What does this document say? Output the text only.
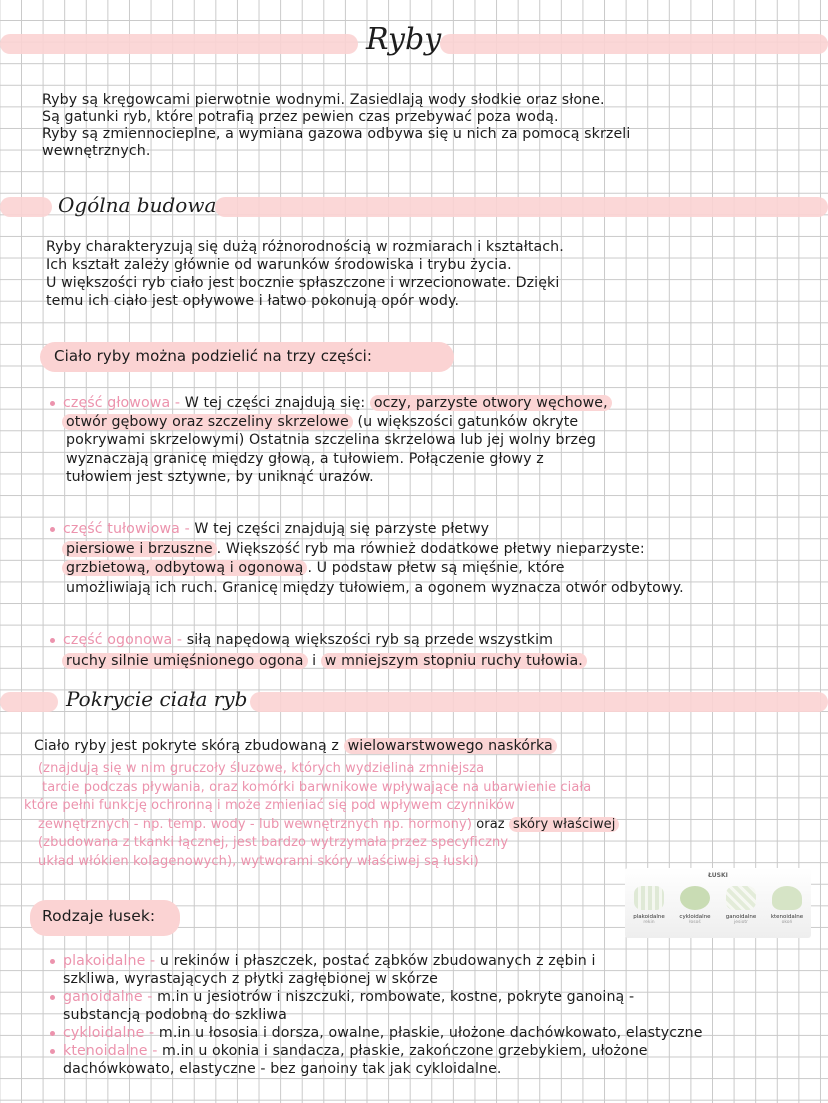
Ryby
Ryby są kręgowcami pierwotnie wodnymi. Zasiedlają wody słodkie oraz słone.
Są gatunki ryb, które potrafią przez pewien czas przebywać poza wodą.
Ryby są zmiennocieplne, a wymiana gazowa odbywa się u nich za pomocą skrzeli
wewnętrznych.
Ogólna budowa
Ryby charakteryzują się dużą różnorodnością w rozmiarach i kształtach.
Ich kształt zależy głównie od warunków środowiska i trybu życia.
U większości ryb ciało jest bocznie spłaszczone i wrzecionowate. Dzięki
temu ich ciało jest opływowe i łatwo pokonują opór wody.
Ciało ryby można podzielić na trzy części:
część głowowa - W tej części znajdują się: oczy, parzyste otwory węchowe,
otwór gębowy oraz szczeliny skrzelowe (u większości gatunków okryte
pokrywami skrzelowymi) Ostatnia szczelina skrzelowa lub jej wolny brzeg
wyznaczają granicę między głową, a tułowiem. Połączenie głowy z
tułowiem jest sztywne, by uniknąć urazów.
część tułowiowa - W tej części znajdują się parzyste płetwy
piersiowe i brzuszne . Większość ryb ma również dodatkowe płetwy nieparzyste:
grzbietową, odbytową i ogonową . U podstaw płetw są mięśnie, które
umożliwiają ich ruch. Granicę między tułowiem, a ogonem wyznacza otwór odbytowy.
część ogonowa - siłą napędową większości ryb są przede wszystkim
ruchy silnie umięśnionego ogona i w mniejszym stopniu ruchy tułowia.
Pokrycie ciała ryb
Ciało ryby jest pokryte skórą zbudowaną z wielowarstwowego naskórka
(znajdują się w nim gruczoły śluzowe, których wydzielina zmniejsza
tarcie podczas pływania, oraz komórki barwnikowe wpływające na ubarwienie ciała
które pełni funkcję ochronną i może zmieniać się pod wpływem czynników
zewnętrznych - np. temp. wody - lub wewnętrznych np. hormony) oraz skóry właściwej
(zbudowana z tkanki łącznej, jest bardzo wytrzymała przez specyficzny
układ włókien kolagenowych), wytworami skóry właściwej są łuski)
ŁUSKI
plakoidalne
rekin
cykloidalne
łosoś
ganoidalne
jesiotr
ktenoidalne
okoń
Rodzaje łusek:
plakoidalne - u rekinów i płaszczek, postać ząbków zbudowanych z zębin i
szkliwa, wyrastających z płytki zagłębionej w skórze
ganoidalne - m.in u jesiotrów i niszczuki, rombowate, kostne, pokryte ganoiną -
substancją podobną do szkliwa
cykloidalne - m.in u łososia i dorsza, owalne, płaskie, ułożone dachówkowato, elastyczne
ktenoidalne - m.in u okonia i sandacza, płaskie, zakończone grzebykiem, ułożone
dachówkowato, elastyczne - bez ganoiny tak jak cykloidalne.
